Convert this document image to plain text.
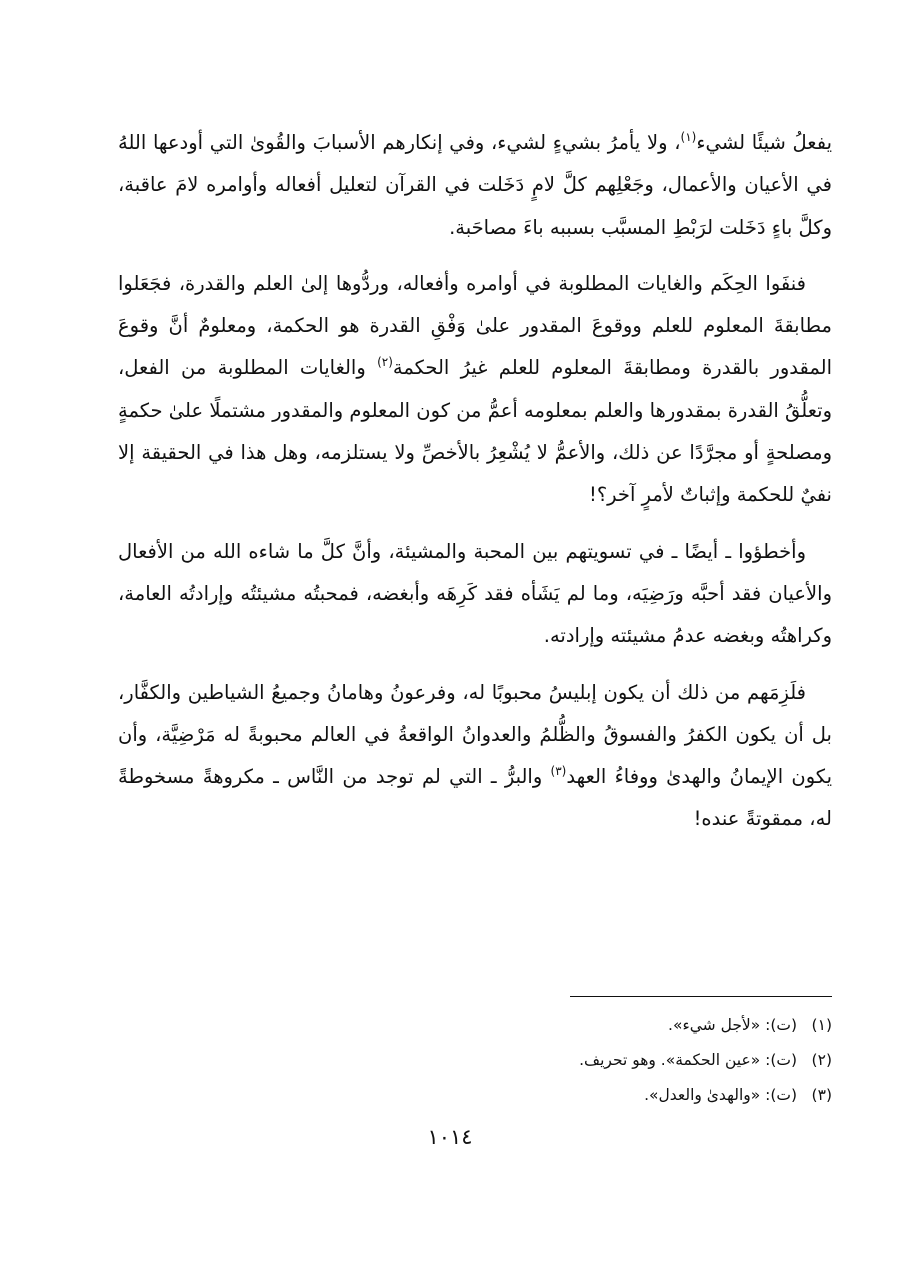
يفعلُ شيئًا لشيء$^{(١)}$، ولا يأمرُ بشيءٍ لشيء، وفي إنكارهم الأسبابَ والقُوىٰ التي أودعها اللهُ في الأعيان والأعمال، وجَعْلِهم كلَّ لامٍ دَخَلت في القرآن لتعليل أفعاله وأوامره لامَ عاقبة، وكلَّ باءٍ دَخَلت لرَبْطِ المسبَّب بسببه باءَ مصاحَبة.

فنفَوا الحِكَم والغايات المطلوبة في أوامره وأفعاله، وردُّوها إلىٰ العلم والقدرة، فجَعَلوا مطابقةَ المعلوم للعلم ووقوعَ المقدور علىٰ وَفْقِ القدرة هو الحكمة، ومعلومٌ أنَّ وقوعَ المقدور بالقدرة ومطابقةَ المعلوم للعلم غيرُ الحكمة$^{(٢)}$ والغايات المطلوبة من الفعل، وتعلُّقُ القدرة بمقدورها والعلم بمعلومه أعمُّ من كون المعلوم والمقدور مشتملًا علىٰ حكمةٍ ومصلحةٍ أو مجرَّدًا عن ذلك، والأعمُّ لا يُشْعِرُ بالأخصِّ ولا يستلزمه، وهل هذا في الحقيقة إلا نفيٌ للحكمة وإثباتٌ لأمرٍ آخر؟!

وأخطؤوا ـ أيضًا ـ في تسويتهم بين المحبة والمشيئة، وأنَّ كلَّ ما شاءه الله من الأفعال والأعيان فقد أحبَّه ورَضِيَه، وما لم يَشَأه فقد كَرِهَه وأبغضه، فمحبتُه مشيئتُه وإرادتُه العامة، وكراهتُه وبغضه عدمُ مشيئته وإرادته.

فلَزِمَهم من ذلك أن يكون إبليسُ محبوبًا له، وفرعونُ وهامانُ وجميعُ الشياطين والكفَّار، بل أن يكون الكفرُ والفسوقُ والظُّلمُ والعدوانُ الواقعةُ في العالم محبوبةً له مَرْضِيَّة، وأن يكون الإيمانُ والهدىٰ ووفاءُ العهد$^{(٣)}$ والبرُّ ـ التي لم توجد من النَّاس ـ مكروهةً مسخوطةً له، ممقوتةً عنده!

(١) (ت): «لأجل شيء».
(٢) (ت): «عين الحكمة». وهو تحريف.
(٣) (ت): «والهدىٰ والعدل».
١٠١٤
